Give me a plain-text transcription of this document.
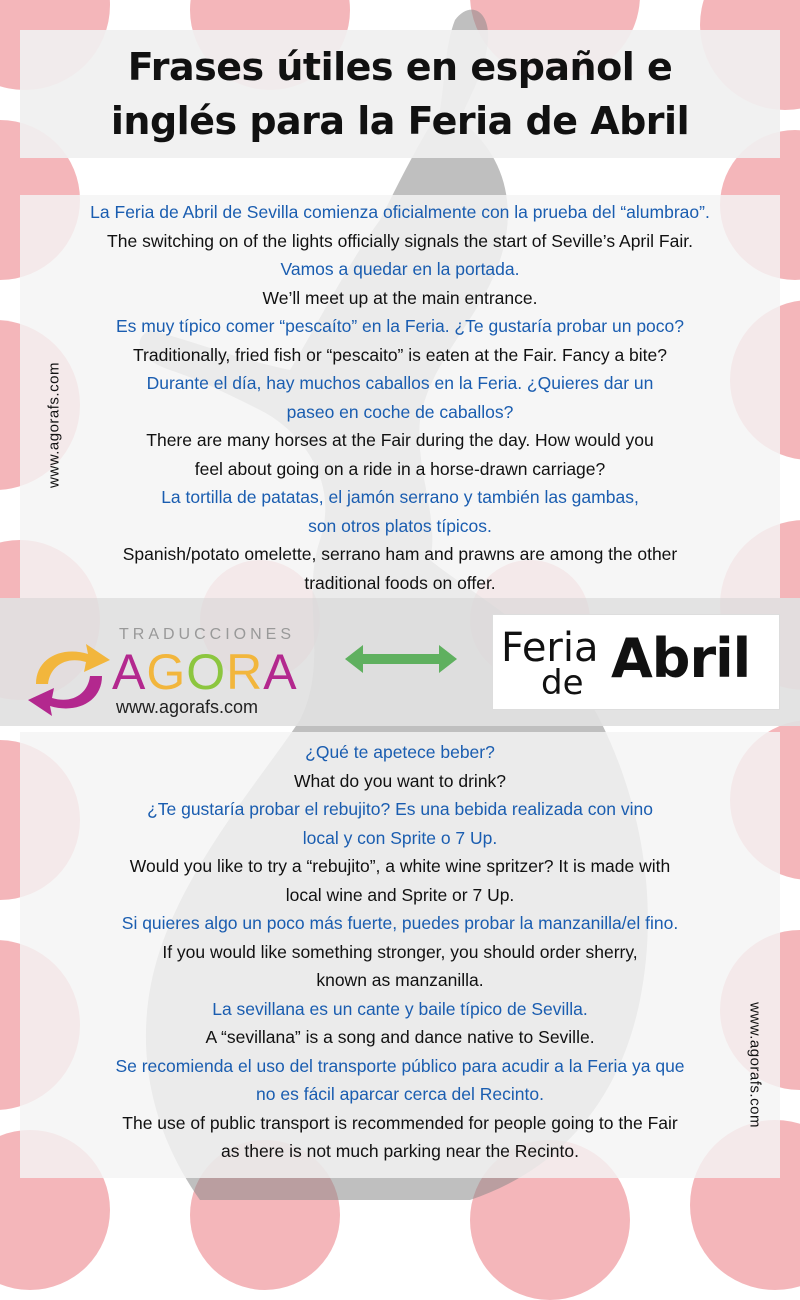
Frases útiles en español e
inglés para la Feria de Abril
La Feria de Abril de Sevilla comienza oficialmente con la prueba del “alumbrao”.
The switching on of the lights officially signals the start of Seville’s April Fair.
Vamos a quedar en la portada.
We’ll meet up at the main entrance.
Es muy típico comer “pescaíto” en la Feria. ¿Te gustaría probar un poco?
Traditionally, fried fish or “pescaito” is eaten at the Fair. Fancy a bite?
Durante el día, hay muchos caballos en la Feria. ¿Quieres dar un
paseo en coche de caballos?
There are many horses at the Fair during the day. How would you
feel about going on a ride in a horse-drawn carriage?
La tortilla de patatas, el jamón serrano y también las gambas,
son otros platos típicos.
Spanish/potato omelette, serrano ham and prawns are among the other
traditional foods on offer.
TRADUCCIONES
AGORA
www.agorafs.com
Feria
de Abril
¿Qué te apetece beber?
What do you want to drink?
¿Te gustaría probar el rebujito? Es una bebida realizada con vino
local y con Sprite o 7 Up.
Would you like to try a “rebujito”, a white wine spritzer? It is made with
local wine and Sprite or 7 Up.
Si quieres algo un poco más fuerte, puedes probar la manzanilla/el fino.
If you would like something stronger, you should order sherry,
known as manzanilla.
La sevillana es un cante y baile típico de Sevilla.
A “sevillana” is a song and dance native to Seville.
Se recomienda el uso del transporte público para acudir a la Feria ya que
no es fácil aparcar cerca del Recinto.
The use of public transport is recommended for people going to the Fair
as there is not much parking near the Recinto.
www.agorafs.com
www.agorafs.com
